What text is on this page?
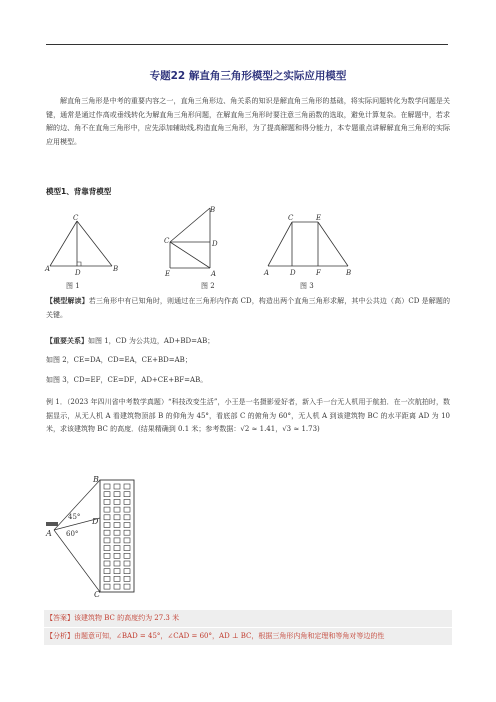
专题22 解直角三角形模型之实际应用模型
解直角三角形是中考的重要内容之一，直角三角形边、角关系的知识是解直角三角形的基础，将实际问题转化为数学问题是关键，通常是通过作高或垂线转化为解直角三角形问题，在解直角三角形时要注意三角函数的选取，避免计算复杂。在解题中，若求解的边、角不在直角三角形中，应先添加辅助线,构造直角三角形，为了提高解题和得分能力，本专题重点讲解解直角三角形的实际应用模型。
模型1、背靠背模型
A
C
B
D
图 1
B
C	D
E	A
图 2
C	E
A	D	F	B
图 3
【模型解读】若三角形中有已知角时，则通过在三角形内作高 CD，构造出两个直角三角形求解，其中公共边（高）CD 是解题的关键。
【重要关系】如图 1，CD 为公共边，AD+BD=AB；
如图 2，CE=DA，CD=EA，CE+BD=AB；
如图 3，CD=EF，CE=DF，AD+CE+BF=AB。
例 1．（2023 年四川省中考数学真题）“科技改变生活”，小王是一名摄影爱好者，新入手一台无人机用于航拍．在一次航拍时，数据显示，从无人机 A 看建筑物顶部 B 的仰角为 45°，看底部 C 的俯角为 60°，无人机 A 到该建筑物 BC 的水平距离 AD 为 10 米，求该建筑物 BC 的高度．(结果精确到 0.1 米；参考数据：√2 ≈ 1.41，√3 ≈ 1.73)
B
D
A
C
45°
60°
【答案】该建筑物 BC 的高度约为 27.3 米
【分析】由题意可知，∠BAD = 45°，∠CAD = 60°，AD ⊥ BC，根据三角形内角和定理和等角对等边的性
